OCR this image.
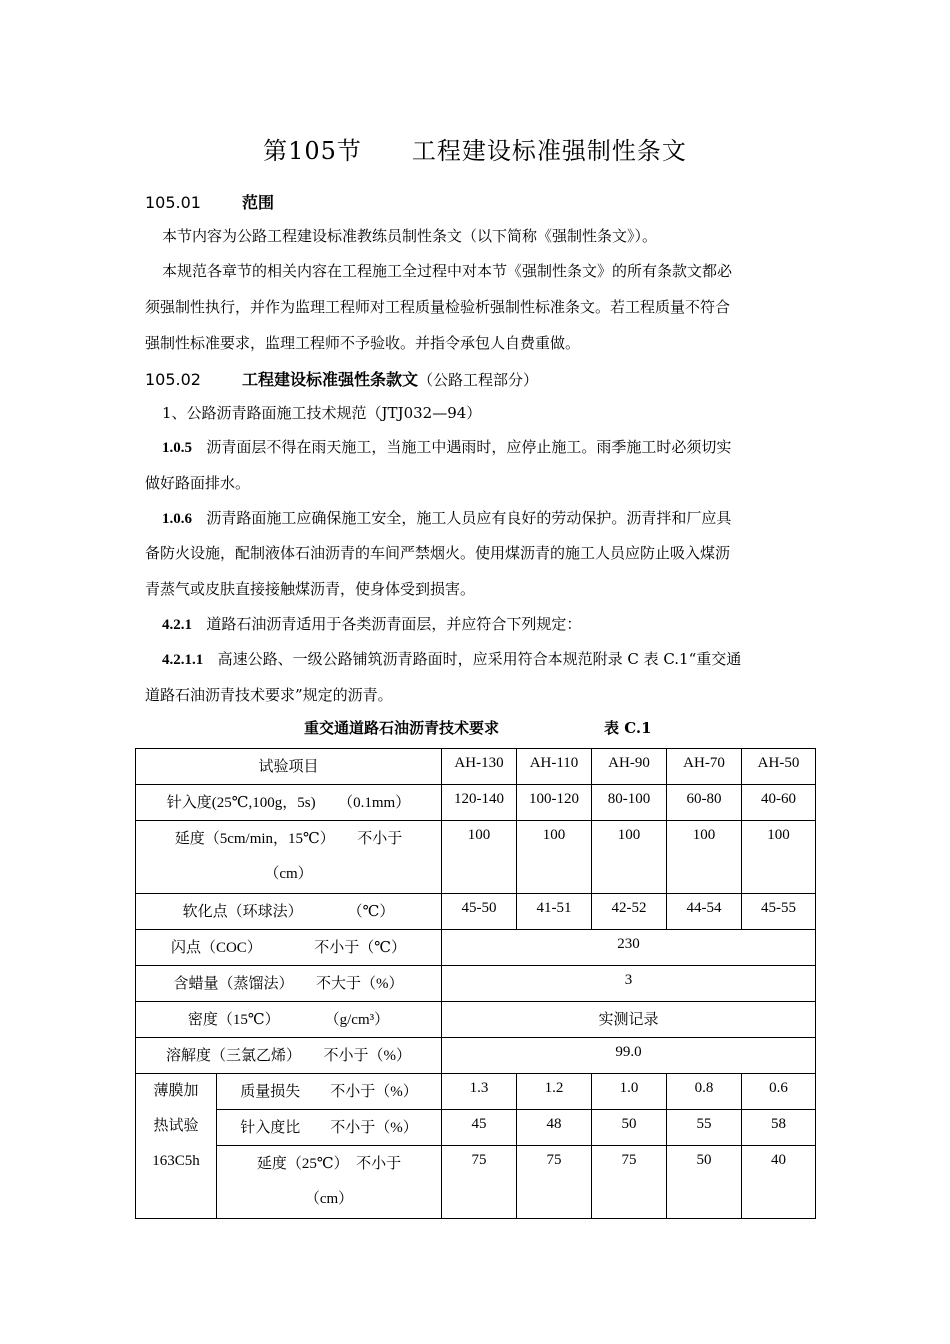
第105节　　工程建设标准强制性条文
105.01	范围
本节内容为公路工程建设标准教练员制性条文（以下简称《强制性条文》）。
本规范各章节的相关内容在工程施工全过程中对本节《强制性条文》的所有条款文都必
须强制性执行，并作为监理工程师对工程质量检验析强制性标准条文。若工程质量不符合
强制性标准要求，监理工程师不予验收。并指令承包人自费重做。
105.02	工程建设标准强性条款文（公路工程部分）
1、公路沥青路面施工技术规范（JTJ032—94）
1.0.5 沥青面层不得在雨天施工，当施工中遇雨时，应停止施工。雨季施工时必须切实
做好路面排水。
1.0.6 沥青路面施工应确保施工安全，施工人员应有良好的劳动保护。沥青拌和厂应具
备防火设施，配制液体石油沥青的车间严禁烟火。使用煤沥青的施工人员应防止吸入煤沥
青蒸气或皮肤直接接触煤沥青，使身体受到损害。
4.2.1 道路石油沥青适用于各类沥青面层，并应符合下列规定：
4.2.1.1 高速公路、一级公路铺筑沥青路面时，应采用符合本规范附录 C 表 C.1“重交通
道路石油沥青技术要求”规定的沥青。
重交通道路石油沥青技术要求	表 C.1
试验项目		AH-130	AH-110	AH-90	AH-70	AH-50
针入度(25℃,100g，5s)　　（0.1mm）		120-140	100-120	80-100	60-80	40-60

延度（5cm/min，15℃）　　不小于
（cm）		100	100	100	100	100
软化点（环球法）　　　　（℃）		45-50	41-51	42-52	44-54	45-55
闪点（COC）　　　　不小于（℃）		230				
含蜡量（蒸馏法）　　不大于（%）		3				
密度（15℃）　　　　（g/cm³）		实测记录				
溶解度（三氯乙烯）　　不小于（%）		99.0				

薄膜加
热试验
163C5h	质量损失　　不小于（%）	1.3	1.2	1.0	0.8	0.6
	针入度比　　不小于（%）	45	48	50	55	58

	延度（25℃）　不小于
（cm）	75	75	75	50	40
